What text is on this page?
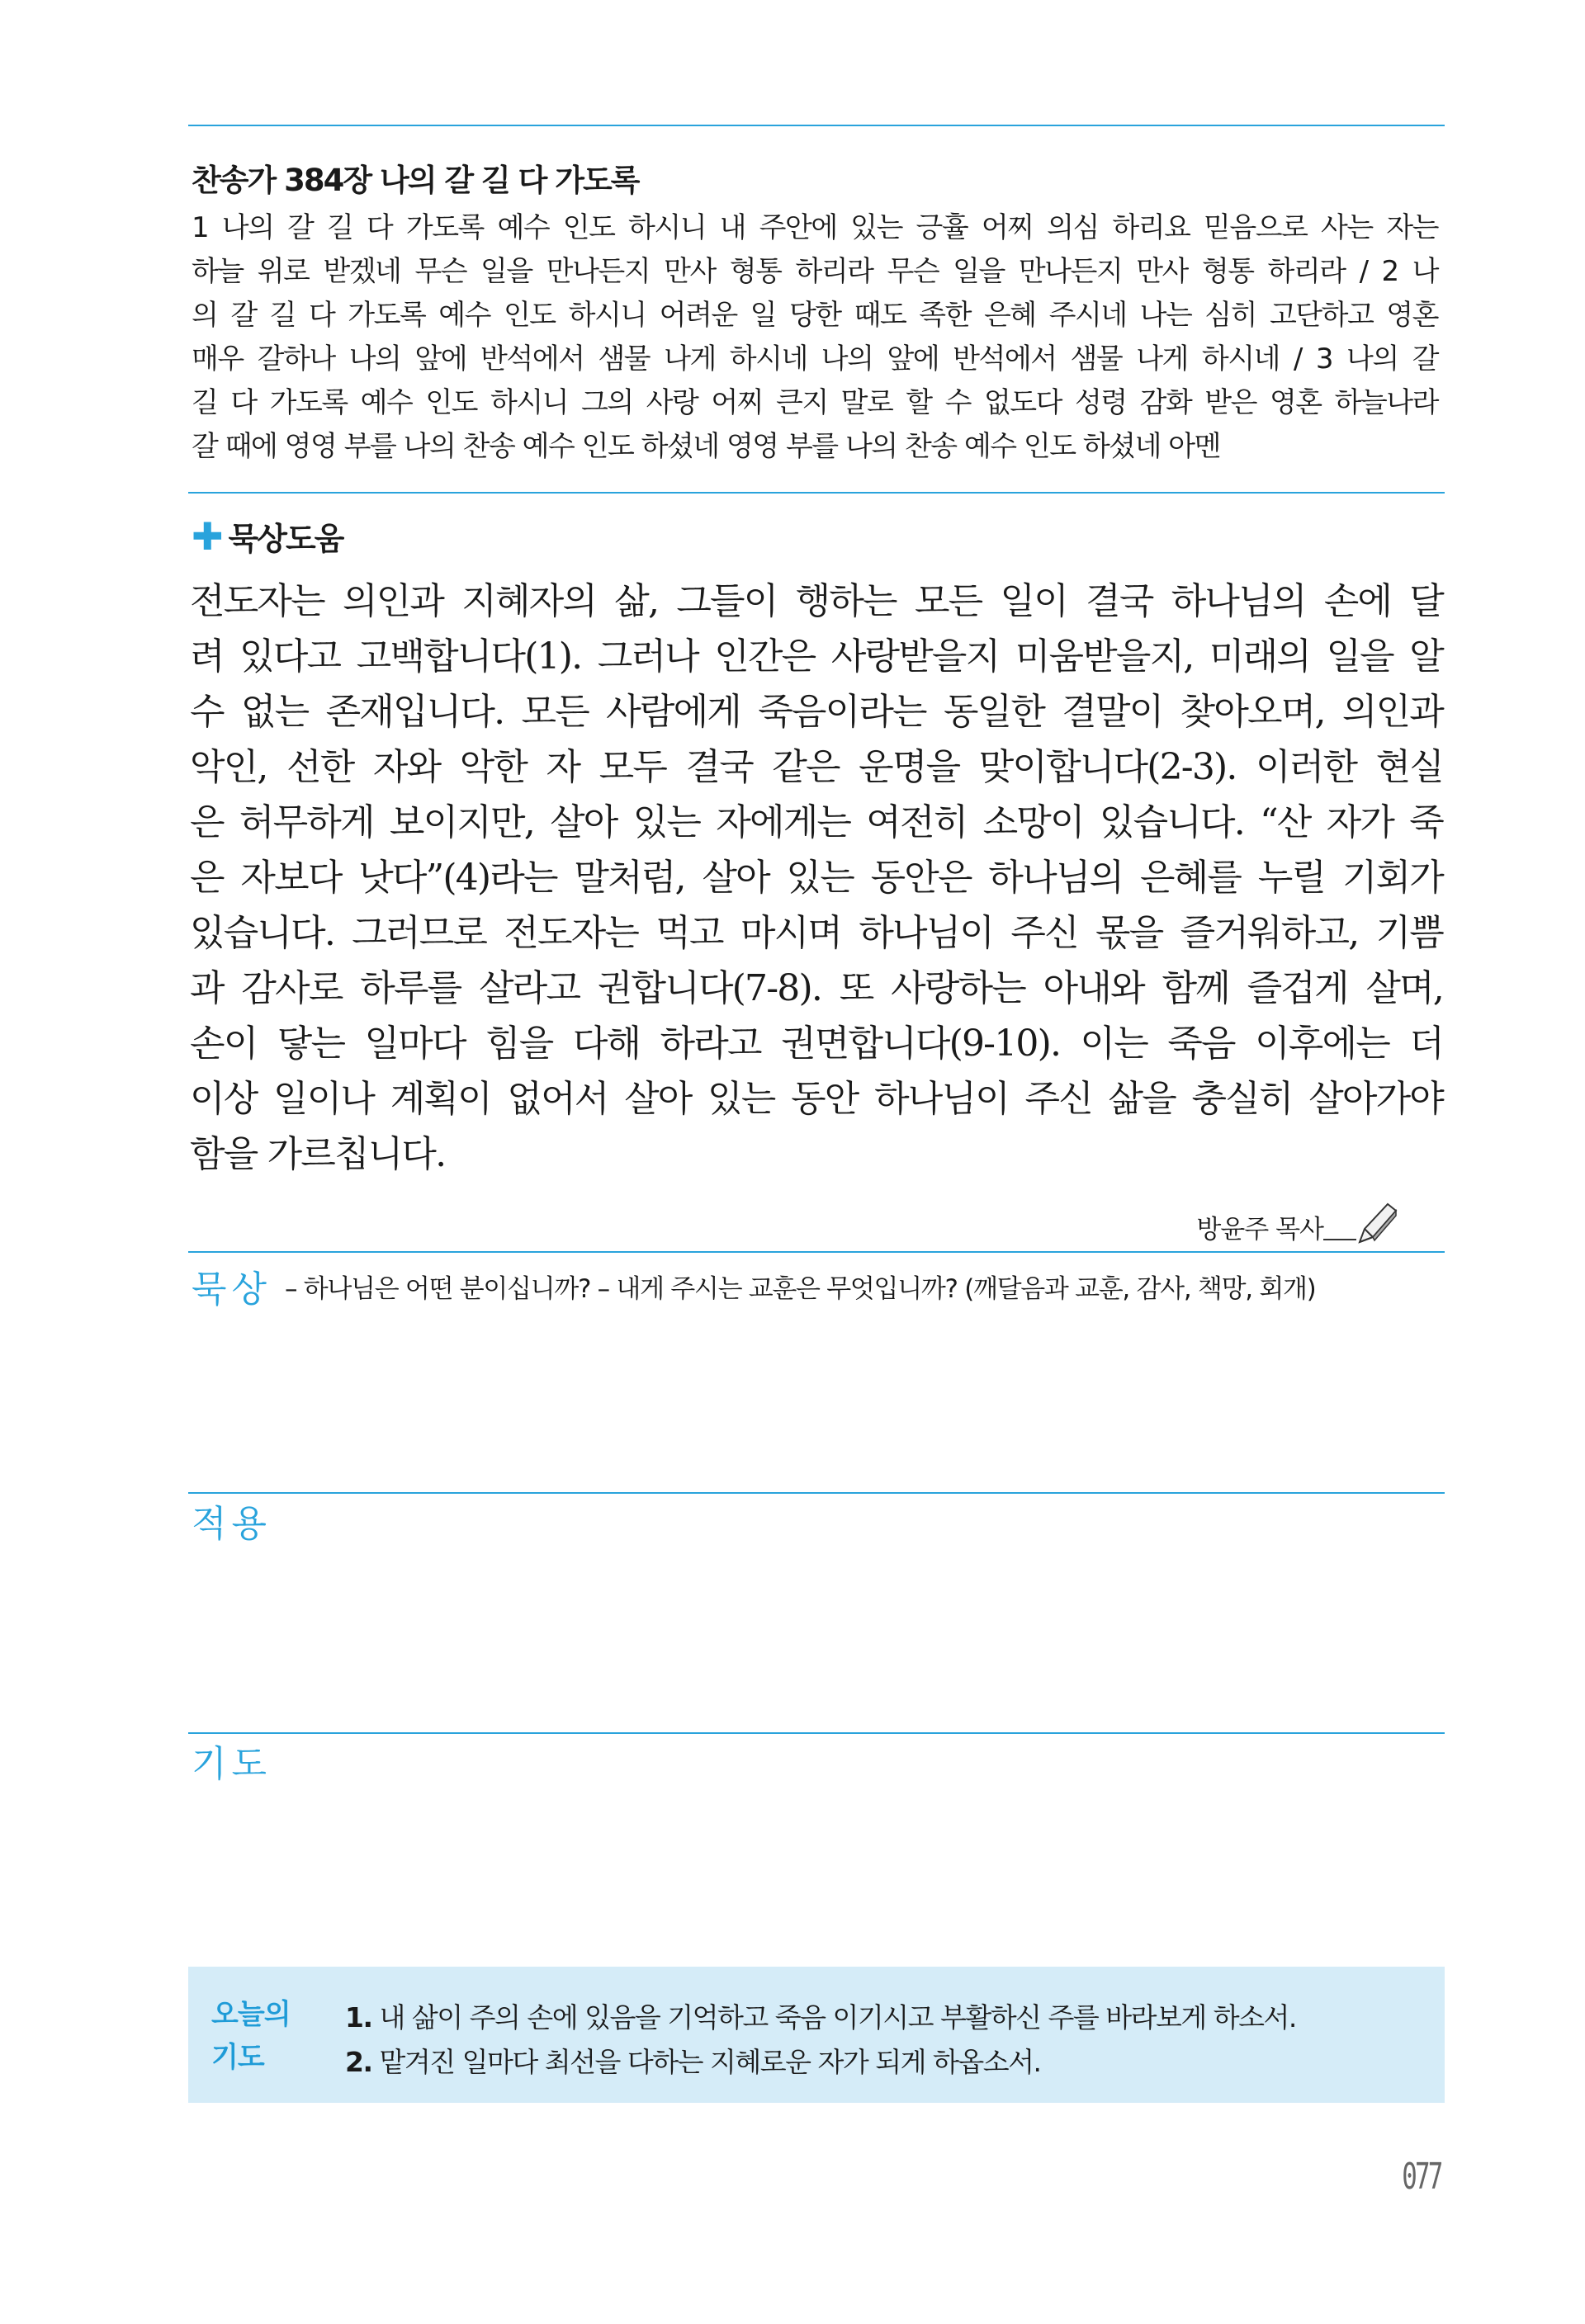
찬송가 384장 나의 갈 길 다 가도록
1 나의 갈 길 다 가도록 예수 인도 하시니 내 주안에 있는 긍휼 어찌 의심 하리요 믿음으로 사는 자는
하늘 위로 받겠네 무슨 일을 만나든지 만사 형통 하리라 무슨 일을 만나든지 만사 형통 하리라 / 2 나
의 갈 길 다 가도록 예수 인도 하시니 어려운 일 당한 때도 족한 은혜 주시네 나는 심히 고단하고 영혼
매우 갈하나 나의 앞에 반석에서 샘물 나게 하시네 나의 앞에 반석에서 샘물 나게 하시네 / 3 나의 갈
길 다 가도록 예수 인도 하시니 그의 사랑 어찌 큰지 말로 할 수 없도다 성령 감화 받은 영혼 하늘나라
갈 때에 영영 부를 나의 찬송 예수 인도 하셨네 영영 부를 나의 찬송 예수 인도 하셨네 아멘
✚ 묵상도움
전도자는 의인과 지혜자의 삶, 그들이 행하는 모든 일이 결국 하나님의 손에 달
려 있다고 고백합니다(1). 그러나 인간은 사랑받을지 미움받을지, 미래의 일을 알
수 없는 존재입니다. 모든 사람에게 죽음이라는 동일한 결말이 찾아오며, 의인과
악인, 선한 자와 악한 자 모두 결국 같은 운명을 맞이합니다(2-3). 이러한 현실
은 허무하게 보이지만, 살아 있는 자에게는 여전히 소망이 있습니다. “산 자가 죽
은 자보다 낫다”(4)라는 말처럼, 살아 있는 동안은 하나님의 은혜를 누릴 기회가
있습니다. 그러므로 전도자는 먹고 마시며 하나님이 주신 몫을 즐거워하고, 기쁨
과 감사로 하루를 살라고 권합니다(7-8). 또 사랑하는 아내와 함께 즐겁게 살며,
손이 닿는 일마다 힘을 다해 하라고 권면합니다(9-10). 이는 죽음 이후에는 더
이상 일이나 계획이 없어서 살아 있는 동안 하나님이 주신 삶을 충실히 살아가야
함을 가르칩니다.
방윤주 목사
묵상 – 하나님은 어떤 분이십니까? – 내게 주시는 교훈은 무엇입니까? (깨달음과 교훈, 감사, 책망, 회개)
적용
기도
오늘의
기도
1. 내 삶이 주의 손에 있음을 기억하고 죽음 이기시고 부활하신 주를 바라보게 하소서.
2. 맡겨진 일마다 최선을 다하는 지혜로운 자가 되게 하옵소서.
077
